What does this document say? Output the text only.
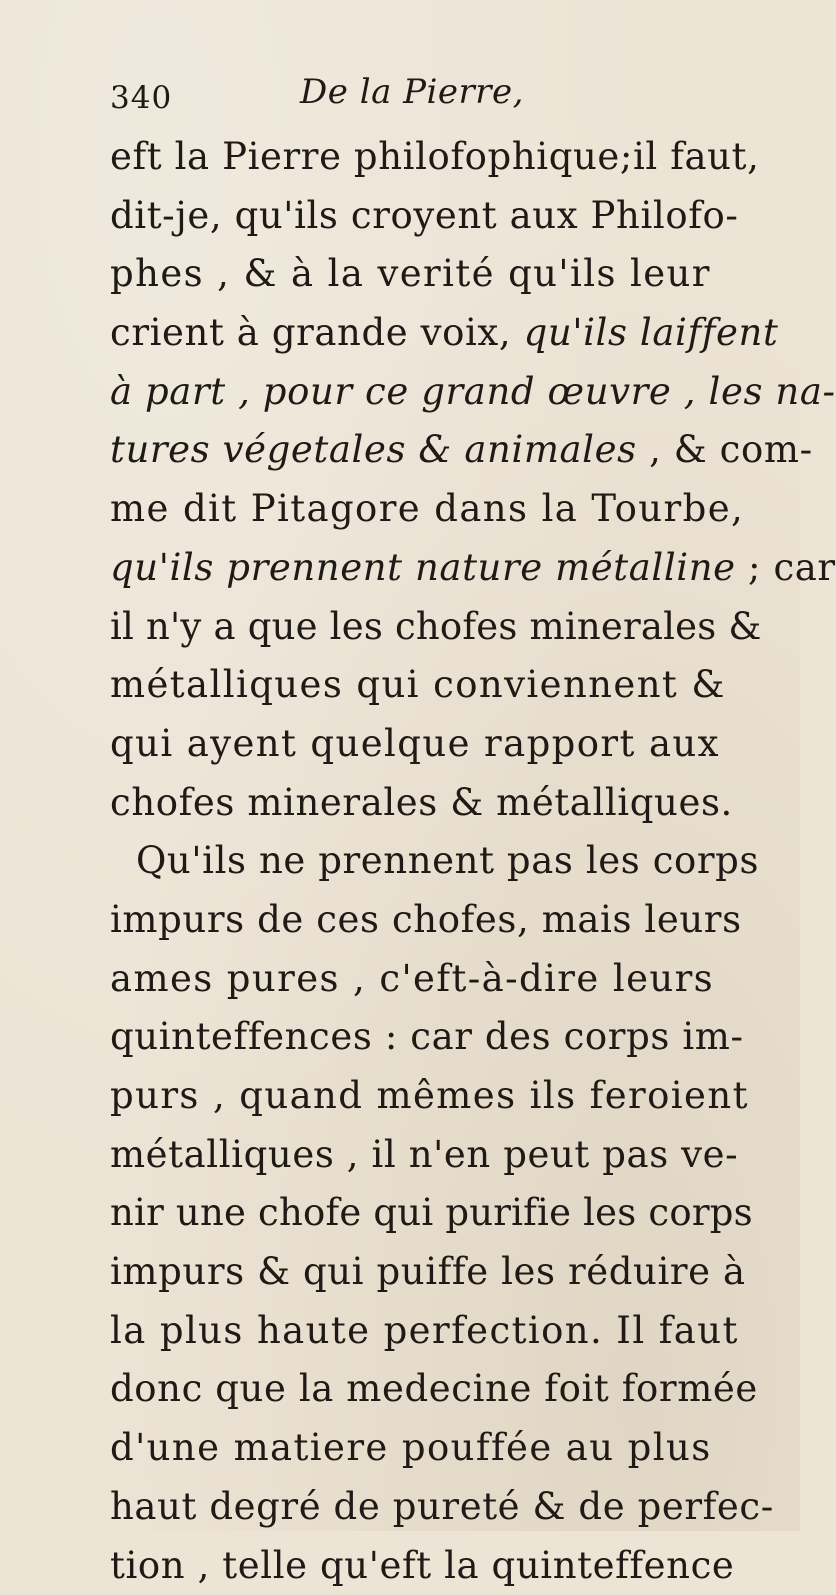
340	De la Pierre,
eft la Pierre philofophique;il faut,
dit-je, qu'ils croyent aux Philofo-
phes , & à la verité qu'ils leur
crient à grande voix, qu'ils laiffent
à part , pour ce grand œuvre , les na-
tures végetales & animales , & com-
me dit Pitagore dans la Tourbe,
qu'ils prennent nature métalline ; car
il n'y a que les chofes minerales &
métalliques qui conviennent &
qui ayent quelque rapport aux
chofes minerales & métalliques.
Qu'ils ne prennent pas les corps
impurs de ces chofes, mais leurs
ames pures , c'eft-à-dire leurs
quinteffences : car des corps im-
purs , quand mêmes ils feroient
métalliques , il n'en peut pas ve-
nir une chofe qui purifie les corps
impurs & qui puiffe les réduire à
la plus haute perfection. Il faut
donc que la medecine foit formée
d'une matiere pouffée au plus
haut degré de pureté & de perfec-
tion , telle qu'eft la quinteffence
